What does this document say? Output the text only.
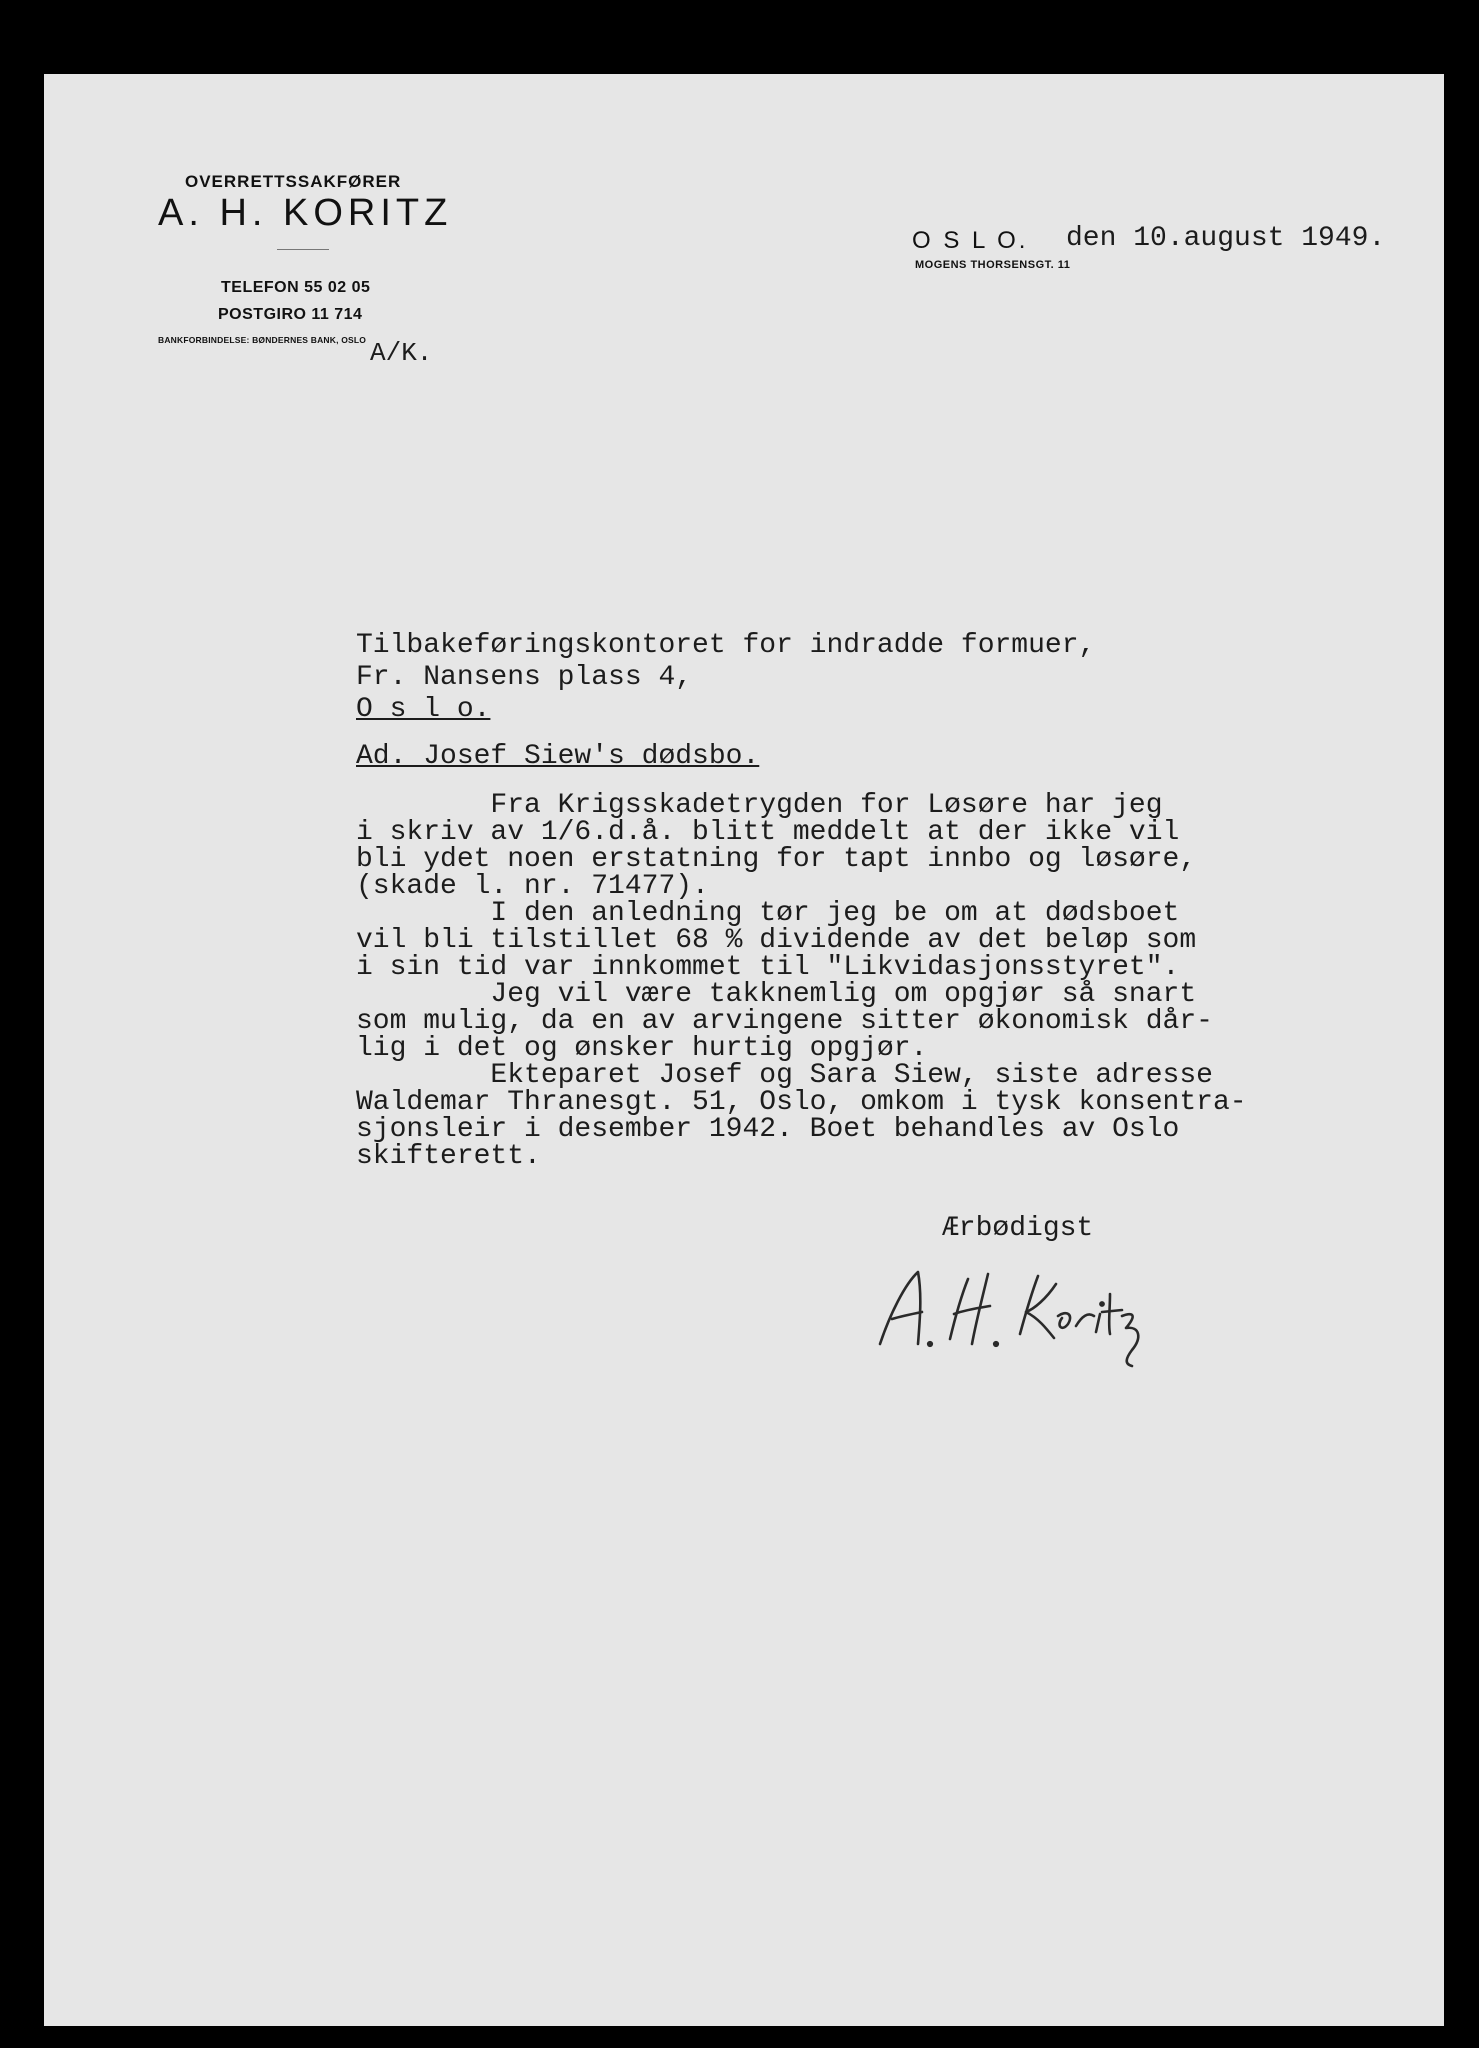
OVERRETTSSAKFØRER
A. H. KORITZ
TELEFON 55 02 05
POSTGIRO 11 714
BANKFORBINDELSE: BØNDERNES BANK, OSLO A/K.
O S L O. den 10.august 1949.
MOGENS THORSENSGT. 11
Tilbakeføringskontoret for indradde formuer,
Fr. Nansens plass 4,
O s l o.
Ad. Josef Siew's dødsbo.
Fra Krigsskadetrygden for Løsøre har jeg
i skriv av 1/6.d.å. blitt meddelt at der ikke vil
bli ydet noen erstatning for tapt innbo og løsøre,
(skade l. nr. 71477).
I den anledning tør jeg be om at dødsboet
vil bli tilstillet 68 % dividende av det beløp som
i sin tid var innkommet til "Likvidasjonsstyret".
Jeg vil være takknemlig om opgjør så snart
som mulig, da en av arvingene sitter økonomisk dår-
lig i det og ønsker hurtig opgjør.
Ekteparet Josef og Sara Siew, siste adresse
Waldemar Thranesgt. 51, Oslo, omkom i tysk konsentra-
sjonsleir i desember 1942. Boet behandles av Oslo
skifterett.
Ærbødigst
